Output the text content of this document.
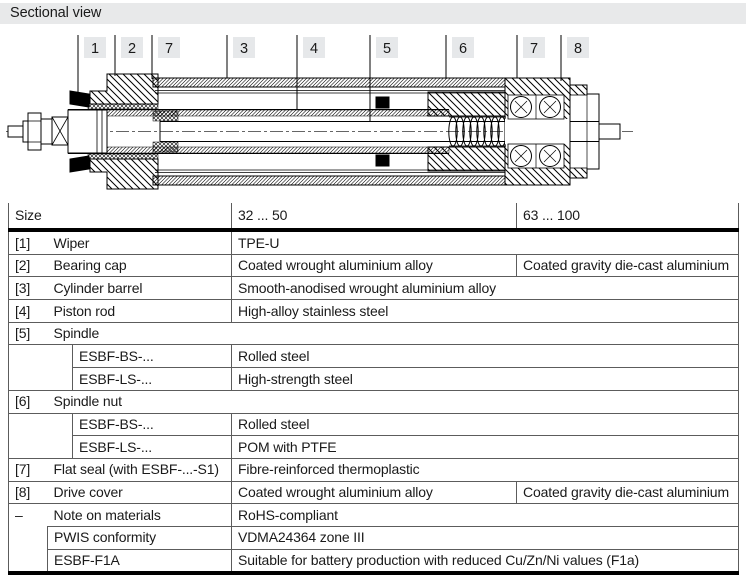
Sectional view
1 2 7	3	4	5	6	7 8
Size			32 ... 50	63 ... 100
[1]	Wiper		TPE-U	
[2]	Bearing cap		Coated wrought aluminium alloy	Coated gravity die-cast aluminium
[3]	Cylinder barrel		Smooth-anodised wrought aluminium alloy	
[4]	Piston rod		High-alloy stainless steel	
[5]	Spindle			
		ESBF-BS-...	Rolled steel	
		ESBF-LS-...	High-strength steel	
[6]	Spindle nut			
		ESBF-BS-...	Rolled steel	
		ESBF-LS-...	POM with PTFE	
[7]	Flat seal (with ESBF-...-S1)		Fibre-reinforced thermoplastic	
[8]	Drive cover		Coated wrought aluminium alloy	Coated gravity die-cast aluminium
–	Note on materials		RoHS-compliant	
	PWIS conformity		VDMA24364 zone III	
	ESBF-F1A		Suitable for battery production with reduced Cu/Zn/Ni values (F1a)	
